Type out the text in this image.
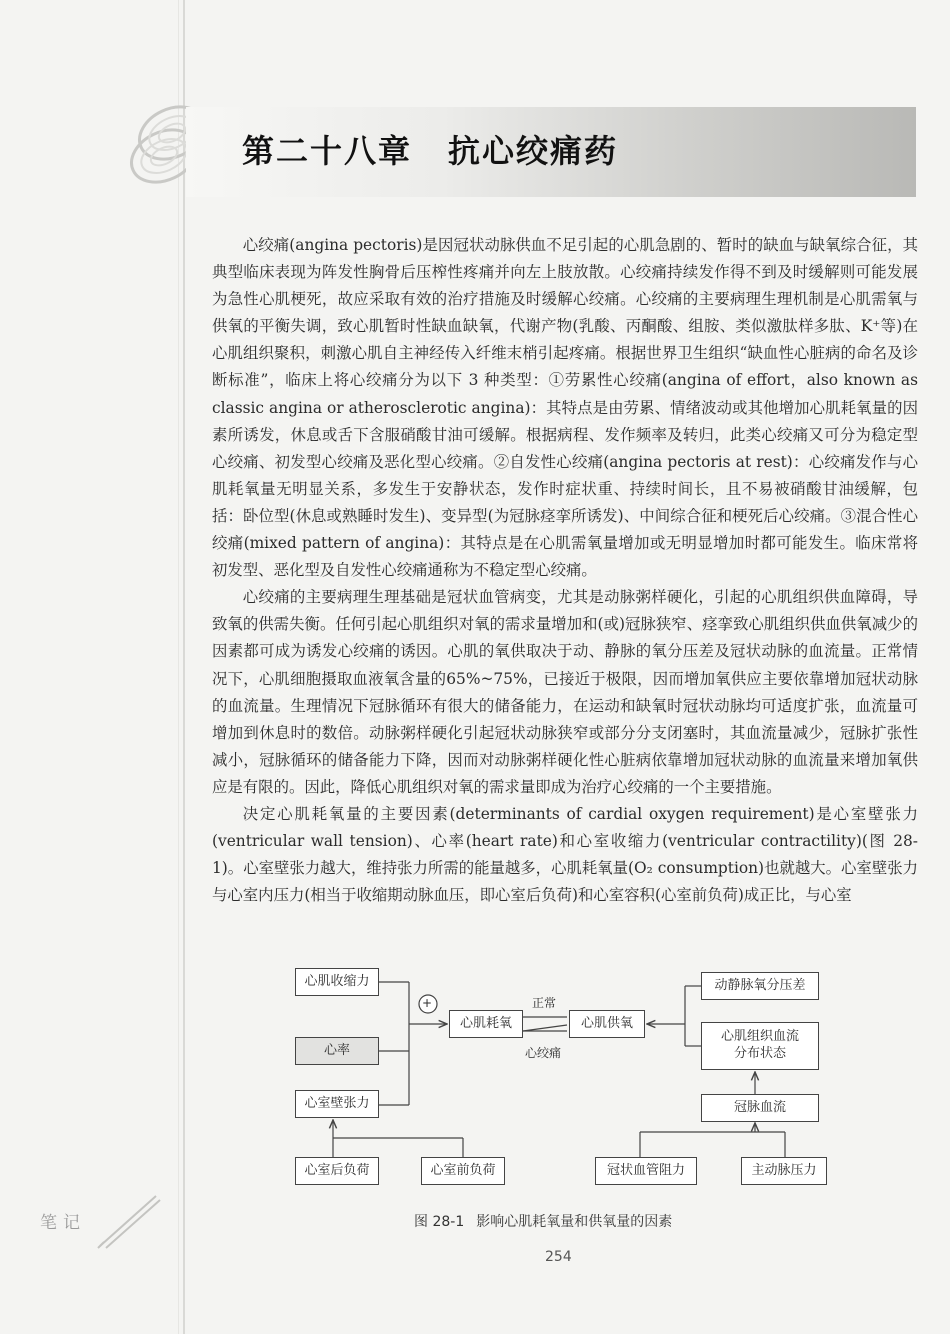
第二十八章 抗心绞痛药

心绞痛(angina pectoris)是因冠状动脉供血不足引起的心肌急剧的、暂时的缺血与缺氧综合征，其典型临床表现为阵发性胸骨后压榨性疼痛并向左上肢放散。心绞痛持续发作得不到及时缓解则可能发展为急性心肌梗死，故应采取有效的治疗措施及时缓解心绞痛。心绞痛的主要病理生理机制是心肌需氧与供氧的平衡失调，致心肌暂时性缺血缺氧，代谢产物(乳酸、丙酮酸、组胺、类似激肽样多肽、K⁺等)在心肌组织聚积，刺激心肌自主神经传入纤维末梢引起疼痛。根据世界卫生组织“缺血性心脏病的命名及诊断标准”，临床上将心绞痛分为以下 3 种类型：①劳累性心绞痛(angina of effort，also known as classic angina or atherosclerotic angina)：其特点是由劳累、情绪波动或其他增加心肌耗氧量的因素所诱发，休息或舌下含服硝酸甘油可缓解。根据病程、发作频率及转归，此类心绞痛又可分为稳定型心绞痛、初发型心绞痛及恶化型心绞痛。②自发性心绞痛(angina pectoris at rest)：心绞痛发作与心肌耗氧量无明显关系，多发生于安静状态，发作时症状重、持续时间长，且不易被硝酸甘油缓解，包括：卧位型(休息或熟睡时发生)、变异型(为冠脉痉挛所诱发)、中间综合征和梗死后心绞痛。③混合性心绞痛(mixed pattern of angina)：其特点是在心肌需氧量增加或无明显增加时都可能发生。临床常将初发型、恶化型及自发性心绞痛通称为不稳定型心绞痛。

心绞痛的主要病理生理基础是冠状血管病变，尤其是动脉粥样硬化，引起的心肌组织供血障碍，导致氧的供需失衡。任何引起心肌组织对氧的需求量增加和(或)冠脉狭窄、痉挛致心肌组织供血供氧减少的因素都可成为诱发心绞痛的诱因。心肌的氧供取决于动、静脉的氧分压差及冠状动脉的血流量。正常情况下，心肌细胞摄取血液氧含量的65%~75%，已接近于极限，因而增加氧供应主要依靠增加冠状动脉的血流量。生理情况下冠脉循环有很大的储备能力，在运动和缺氧时冠状动脉均可适度扩张，血流量可增加到休息时的数倍。动脉粥样硬化引起冠状动脉狭窄或部分分支闭塞时，其血流量减少，冠脉扩张性减小，冠脉循环的储备能力下降，因而对动脉粥样硬化性心脏病依靠增加冠状动脉的血流量来增加氧供应是有限的。因此，降低心肌组织对氧的需求量即成为治疗心绞痛的一个主要措施。

决定心肌耗氧量的主要因素(determinants of cardial oxygen requirement)是心室壁张力(ventricular wall tension)、心率(heart rate)和心室收缩力(ventricular contractility)(图 28-1)。心室壁张力越大，维持张力所需的能量越多，心肌耗氧量(O₂ consumption)也就越大。心室壁张力与心室内压力(相当于收缩期动脉血压，即心室后负荷)和心室容积(心室前负荷)成正比，与心室

+
心肌收缩力
心率
心室壁张力
心室后负荷	心室前负荷
心肌耗氧	心肌供氧
正常
心绞痛
动静脉氧分压差
心肌组织血流分布状态
冠脉血流
冠状血管阻力	主动脉压力
图 28-1 影响心肌耗氧量和供氧量的因素
254
笔记
